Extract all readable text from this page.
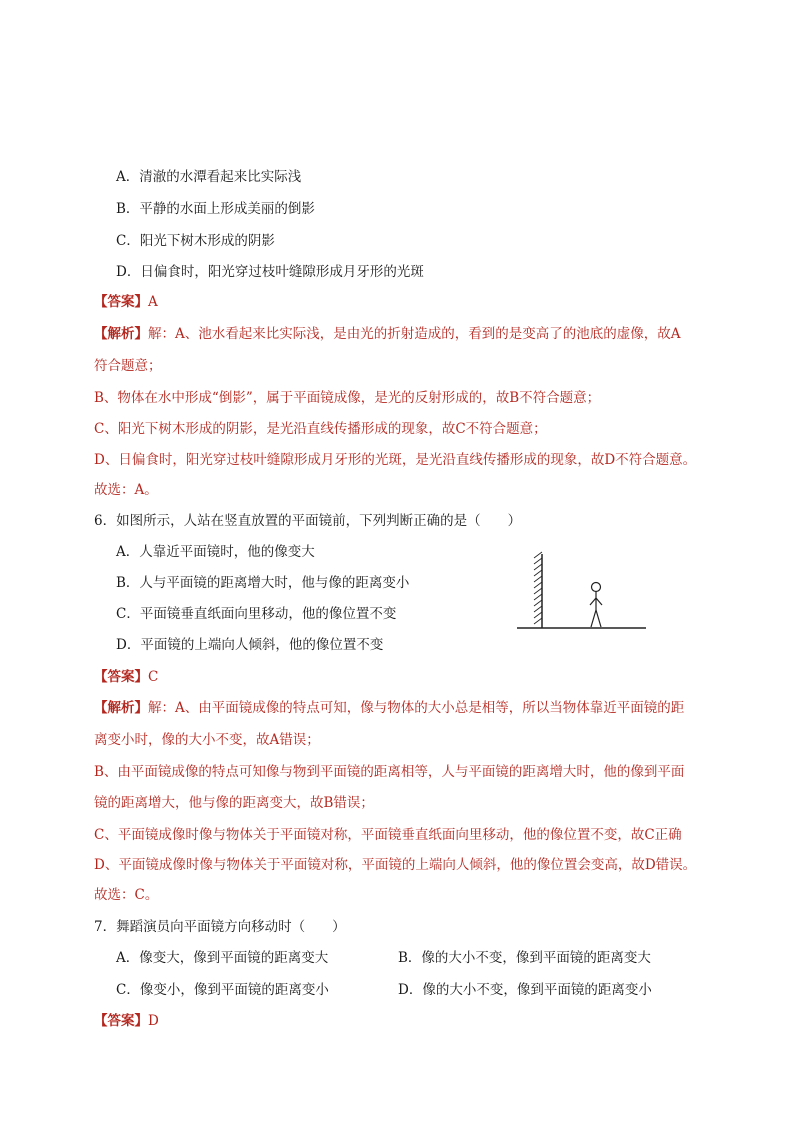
A．清澈的水潭看起来比实际浅
B．平静的水面上形成美丽的倒影
C．阳光下树木形成的阴影
D．日偏食时，阳光穿过枝叶缝隙形成月牙形的光斑
【答案】A
【解析】解：A、池水看起来比实际浅，是由光的折射造成的，看到的是变高了的池底的虚像，故A
符合题意；
B、物体在水中形成“倒影”，属于平面镜成像，是光的反射形成的，故B不符合题意；
C、阳光下树木形成的阴影，是光沿直线传播形成的现象，故C不符合题意；
D、日偏食时，阳光穿过枝叶缝隙形成月牙形的光斑，是光沿直线传播形成的现象，故D不符合题意。
故选：A。
6．如图所示，人站在竖直放置的平面镜前，下列判断正确的是（　　）
A．人靠近平面镜时，他的像变大
B．人与平面镜的距离增大时，他与像的距离变小
C．平面镜垂直纸面向里移动，他的像位置不变
D．平面镜的上端向人倾斜，他的像位置不变
【答案】C
【解析】解：A、由平面镜成像的特点可知，像与物体的大小总是相等，所以当物体靠近平面镜的距
离变小时，像的大小不变，故A错误；
B、由平面镜成像的特点可知像与物到平面镜的距离相等，人与平面镜的距离增大时，他的像到平面
镜的距离增大，他与像的距离变大，故B错误；
C、平面镜成像时像与物体关于平面镜对称，平面镜垂直纸面向里移动，他的像位置不变，故C正确
D、平面镜成像时像与物体关于平面镜对称，平面镜的上端向人倾斜，他的像位置会变高，故D错误。
故选：C。
7．舞蹈演员向平面镜方向移动时（　　）
A．像变大，像到平面镜的距离变大	B．像的大小不变，像到平面镜的距离变大
C．像变小，像到平面镜的距离变小	D．像的大小不变，像到平面镜的距离变小
【答案】D
